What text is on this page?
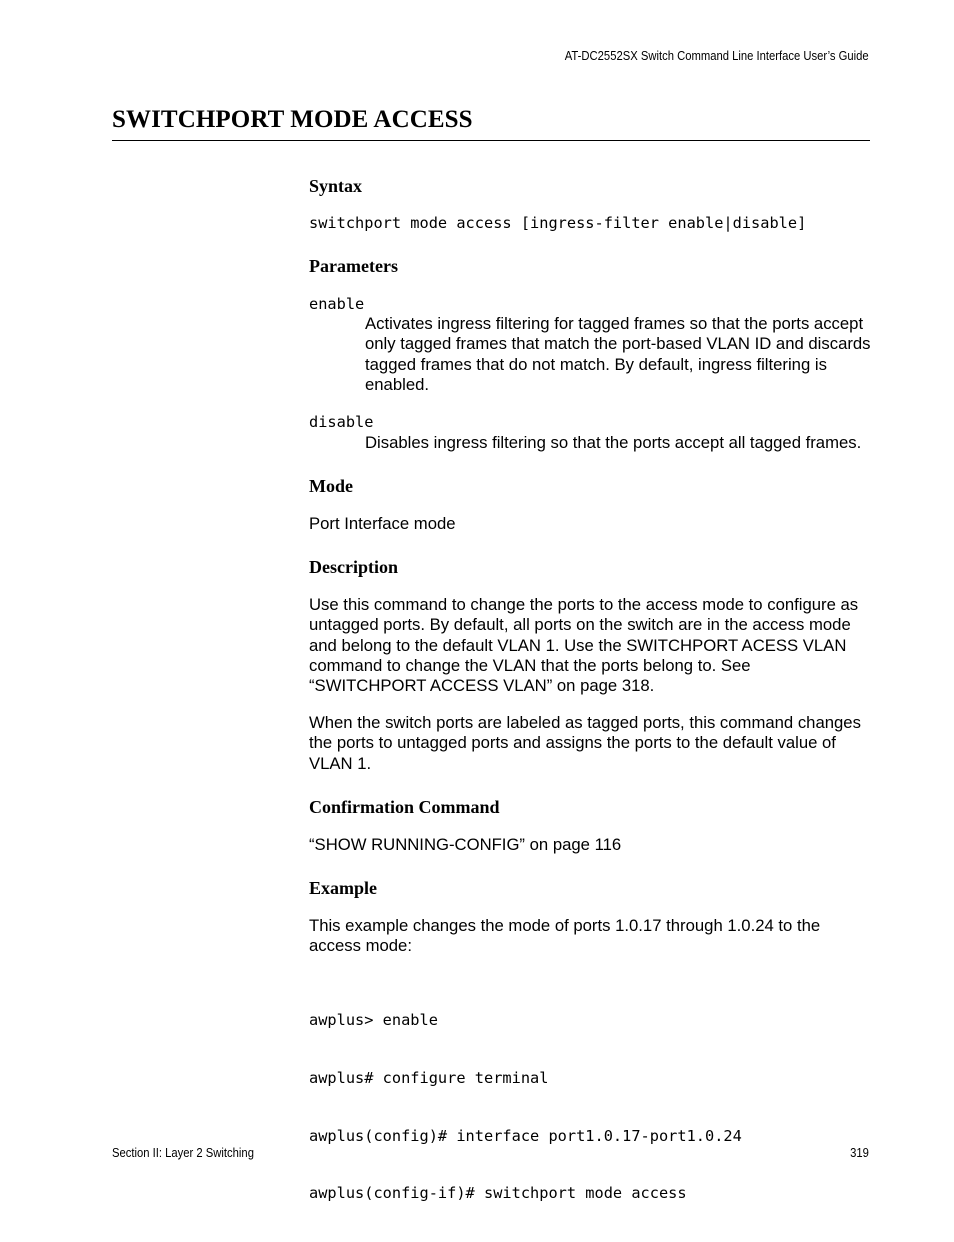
AT-DC2552SX Switch Command Line Interface User’s Guide
SWITCHPORT MODE ACCESS
Syntax
switchport mode access [ingress-filter enable|disable]
Parameters
enable

Activates ingress filtering for tagged frames so that the ports accept only tagged frames that match the port-based VLAN ID and discards tagged frames that do not match. By default, ingress filtering is enabled.

disable

Disables ingress filtering so that the ports accept all tagged frames.

Mode

Port Interface mode

Description

Use this command to change the ports to the access mode to configure as untagged ports. By default, all ports on the switch are in the access mode and belong to the default VLAN 1. Use the SWITCHPORT ACESS VLAN command to change the VLAN that the ports belong to. See “SWITCHPORT ACCESS VLAN” on page 318.

When the switch ports are labeled as tagged ports, this command changes the ports to untagged ports and assigns the ports to the default value of VLAN 1.

Confirmation Command

“SHOW RUNNING-CONFIG” on page 116

Example

This example changes the mode of ports 1.0.17 through 1.0.24 to the access mode:

awplus> enable

awplus# configure terminal

awplus(config)# interface port1.0.17-port1.0.24

awplus(config-if)# switchport mode access

Section II: Layer 2 Switching	319
